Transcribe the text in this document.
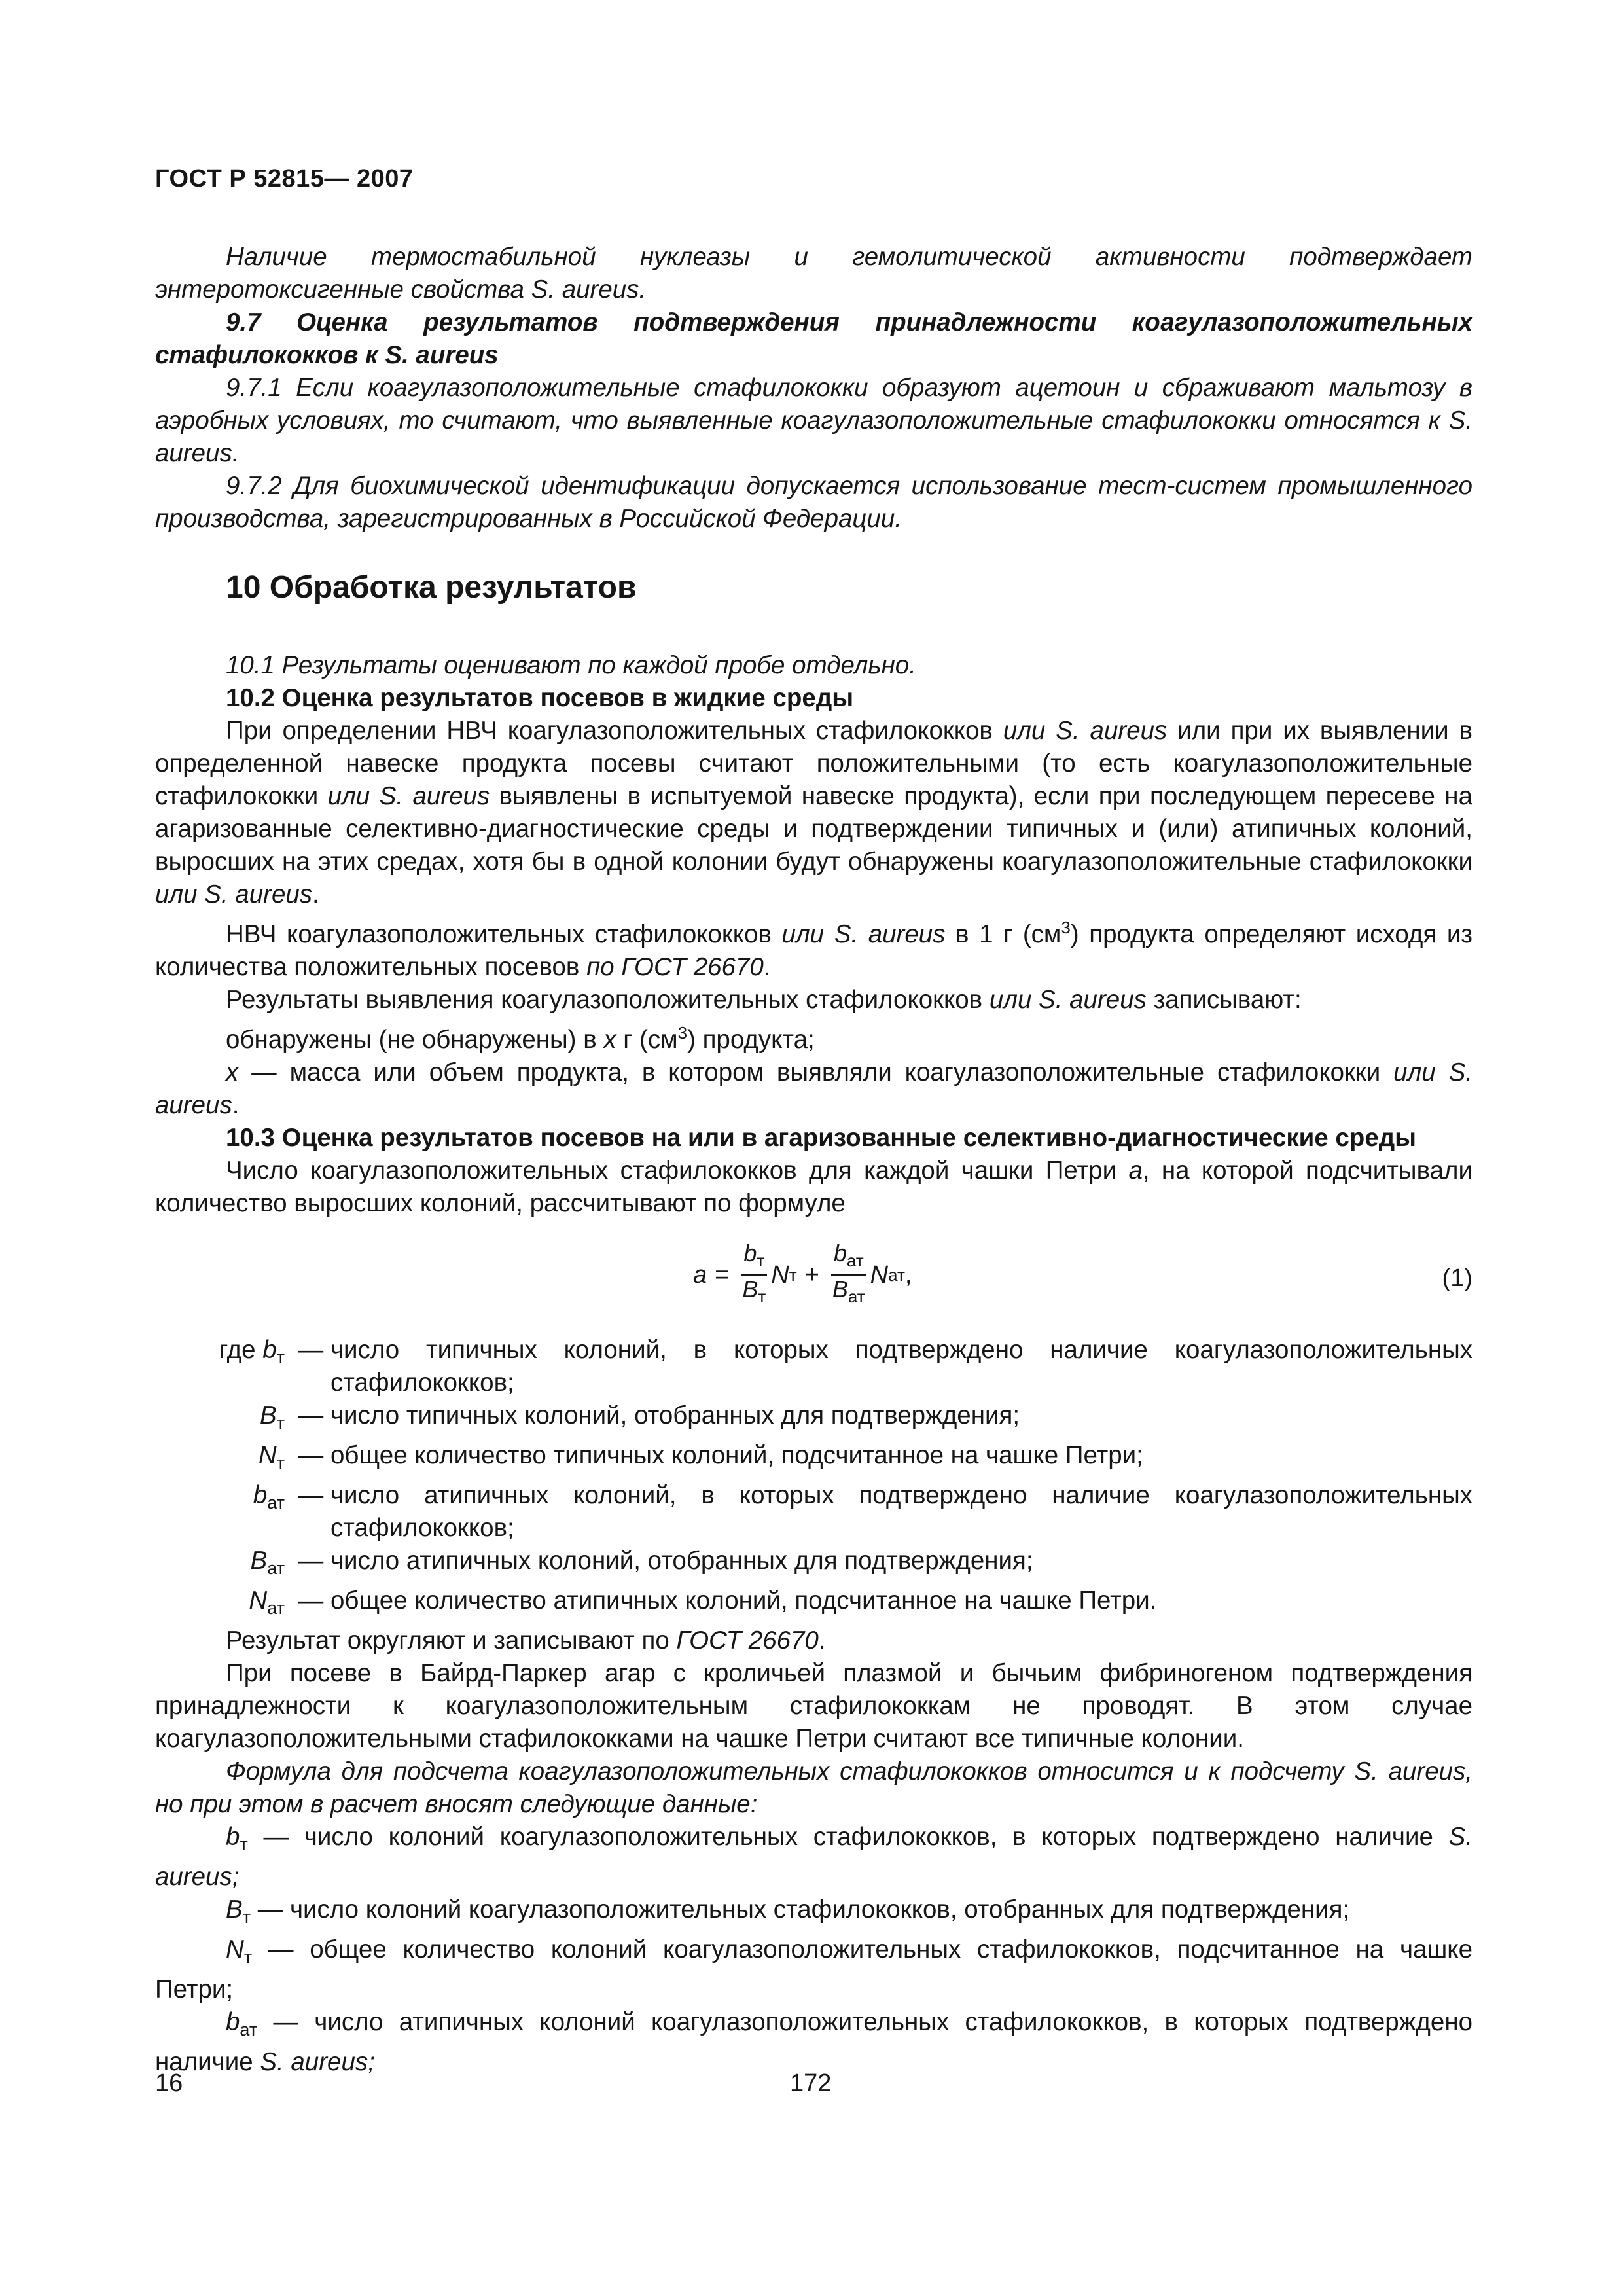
ГОСТ Р 52815— 2007

Наличие термостабильной нуклеазы и гемолитической активности подтверждает энтеротоксигенные свойства S. aureus.

9.7 Оценка результатов подтверждения принадлежности коагулазоположительных стафилококков к S. aureus

9.7.1 Если коагулазоположительные стафилококки образуют ацетоин и сбраживают мальтозу в аэробных условиях, то считают, что выявленные коагулазоположительные стафилококки относятся к S. aureus.

9.7.2 Для биохимической идентификации допускается использование тест-систем промышленного производства, зарегистрированных в Российской Федерации.

10 Обработка результатов

10.1 Результаты оценивают по каждой пробе отдельно.

10.2 Оценка результатов посевов в жидкие среды

При определении НВЧ коагулазоположительных стафилококков или S. aureus или при их выявлении в определенной навеске продукта посевы считают положительными (то есть коагулазоположительные стафилококки или S. aureus выявлены в испытуемой навеске продукта), если при последующем пересеве на агаризованные селективно-диагностические среды и подтверждении типичных и (или) атипичных колоний, выросших на этих средах, хотя бы в одной колонии будут обнаружены коагулазоположительные стафилококки или S. aureus.

НВЧ коагулазоположительных стафилококков или S. aureus в 1 г $(см^3)$ продукта определяют исходя из количества положительных посевов по ГОСТ 26670.

Результаты выявления коагулазоположительных стафилококков или S. aureus записывают:

обнаружены (не обнаружены) в х г $(см^3)$ продукта;

х — масса или объем продукта, в котором выявляли коагулазоположительные стафилококки или S. aureus.

10.3 Оценка результатов посевов на или в агаризованные селективно-диагностические среды

Число коагулазоположительных стафилококков для каждой чашки Петри а, на которой подсчитывали количество выросших колоний, рассчитывают по формуле

$a = \frac{b_т}{B_т}$ N $т + \frac{b_{ат}}{B_{ат}}$ N ат ,	(1)
где $b_т$ — число типичных колоний, в которых подтверждено наличие коагулазоположительных стафилококков;
$B_т$ — число типичных колоний, отобранных для подтверждения;
$N_т$ — общее количество типичных колоний, подсчитанное на чашке Петри;
$b_{ат}$ — число атипичных колоний, в которых подтверждено наличие коагулазоположительных стафилококков;
$B_{ат}$ — число атипичных колоний, отобранных для подтверждения;
$N_{ат}$ — общее количество атипичных колоний, подсчитанное на чашке Петри.

Результат округляют и записывают по ГОСТ 26670.

При посеве в Байрд-Паркер агар с кроличьей плазмой и бычьим фибриногеном подтверждения принадлежности к коагулазоположительным стафилококкам не проводят. В этом случае коагулазоположительными стафилококками на чашке Петри считают все типичные колонии.

Формула для подсчета коагулазоположительных стафилококков относится и к подсчету S. aureus, но при этом в расчет вносят следующие данные:

$b_т$ — число колоний коагулазоположительных стафилококков, в которых подтверждено наличие S. aureus;

$B_т$ — число колоний коагулазоположительных стафилококков, отобранных для подтверждения;

$N_т$ — общее количество колоний коагулазоположительных стафилококков, подсчитанное на чашке Петри;

$b_{ат}$ — число атипичных колоний коагулазоположительных стафилококков, в которых подтверждено наличие S. aureus;

16	172
